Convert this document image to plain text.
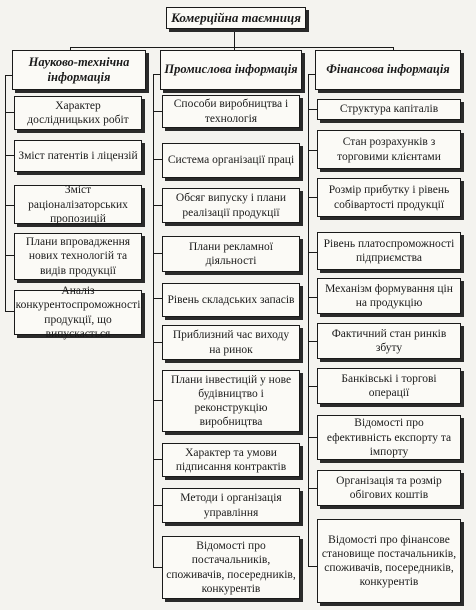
Комерційна таємниця
Науково-технічна інформація
Промислова інформація Фінансова інформація
Характер дослідницьких робіт
Зміст патентів і ліцензій
Зміст раціоналізаторських пропозицій
Плани впровадження нових технологій та видів продукції
Аналіз конкурентоспроможності продукції, що випускається
Способи виробництва і технологія
Система організації праці
Обсяг випуску і плани реалізації продукції
Плани рекламної діяльності
Рівень складських запасів
Приблизний час виходу на ринок
Плани інвестицій у нове будівництво і реконструкцію виробництва
Характер та умови підписання контрактів
Методи і організація управління
Відомості про постачальників, споживачів, посередників, конкурентів
Структура капіталів
Стан розрахунків з торговими клієнтами
Розмір прибутку і рівень собівартості продукції
Рівень платоспроможності підприємства
Механізм формування цін на продукцію
Фактичний стан ринків збуту
Банківські і торгові операції
Відомості про ефективність експорту та імпорту
Організація та розмір обігових коштів
Відомості про фінансове становище постачальників, споживачів, посередників, конкурентів
